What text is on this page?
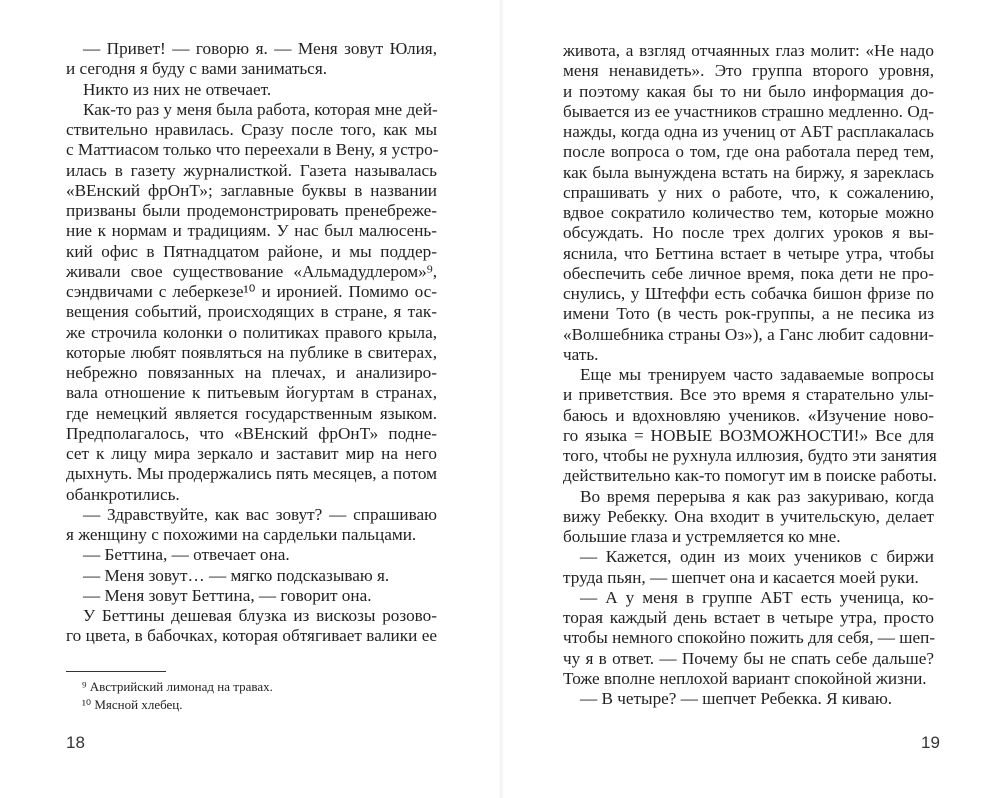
— Привет! — говорю я. — Меня зовут Юлия,
и сегодня я буду с вами заниматься.
Никто из них не отвечает.
Как-то раз у меня была работа, которая мне дей-
ствительно нравилась. Сразу после того, как мы
с Маттиасом только что переехали в Вену, я устро-
илась в газету журналисткой. Газета называлась
«ВЕнский фрОнТ»; заглавные буквы в названии
призваны были продемонстрировать пренебреже-
ние к нормам и традициям. У нас был малюсень-
кий офис в Пятнадцатом районе, и мы поддер-
живали свое существование «Альмадудлером»⁹,
сэндвичами с леберкезе¹⁰ и иронией. Помимо ос-
вещения событий, происходящих в стране, я так-
же строчила колонки о политиках правого крыла,
которые любят появляться на публике в свитерах,
небрежно повязанных на плечах, и анализиро-
вала отношение к питьевым йогуртам в странах,
где немецкий является государственным языком.
Предполагалось, что «ВЕнский фрОнТ» подне-
сет к лицу мира зеркало и заставит мир на него
дыхнуть. Мы продержались пять месяцев, а потом
обанкротились.
— Здравствуйте, как вас зовут? — спрашиваю
я женщину с похожими на сардельки пальцами.
— Беттина, — отвечает она.
— Меня зовут… — мягко подсказываю я.
— Меня зовут Беттина, — говорит она.
У Беттины дешевая блузка из вискозы розово-
го цвета, в бабочках, которая обтягивает валики ее
⁹ Австрийский лимонад на травах.
¹⁰ Мясной хлебец.
18
живота, а взгляд отчаянных глаз молит: «Не надо
меня ненавидеть». Это группа второго уровня,
и поэтому какая бы то ни было информация до-
бывается из ее участников страшно медленно. Од-
нажды, когда одна из учениц от АБТ расплакалась
после вопроса о том, где она работала перед тем,
как была вынуждена встать на биржу, я зареклась
спрашивать у них о работе, что, к сожалению,
вдвое сократило количество тем, которые можно
обсуждать. Но после трех долгих уроков я вы-
яснила, что Беттина встает в четыре утра, чтобы
обеспечить себе личное время, пока дети не про-
снулись, у Штеффи есть собачка бишон фризе по
имени Тото (в честь рок-группы, а не песика из
«Волшебника страны Оз»), а Ганс любит садовни-
чать.
Еще мы тренируем часто задаваемые вопросы
и приветствия. Все это время я старательно улы-
баюсь и вдохновляю учеников. «Изучение ново-
го языка = НОВЫЕ ВОЗМОЖНОСТИ!» Все для
того, чтобы не рухнула иллюзия, будто эти занятия
действительно как-то помогут им в поиске работы.
Во время перерыва я как раз закуриваю, когда
вижу Ребекку. Она входит в учительскую, делает
большие глаза и устремляется ко мне.
— Кажется, один из моих учеников с биржи
труда пьян, — шепчет она и касается моей руки.
— А у меня в группе АБТ есть ученица, ко-
торая каждый день встает в четыре утра, просто
чтобы немного спокойно пожить для себя, — шеп-
чу я в ответ. — Почему бы не спать себе дальше?
Тоже вполне неплохой вариант спокойной жизни.
— В четыре? — шепчет Ребекка. Я киваю.
19
